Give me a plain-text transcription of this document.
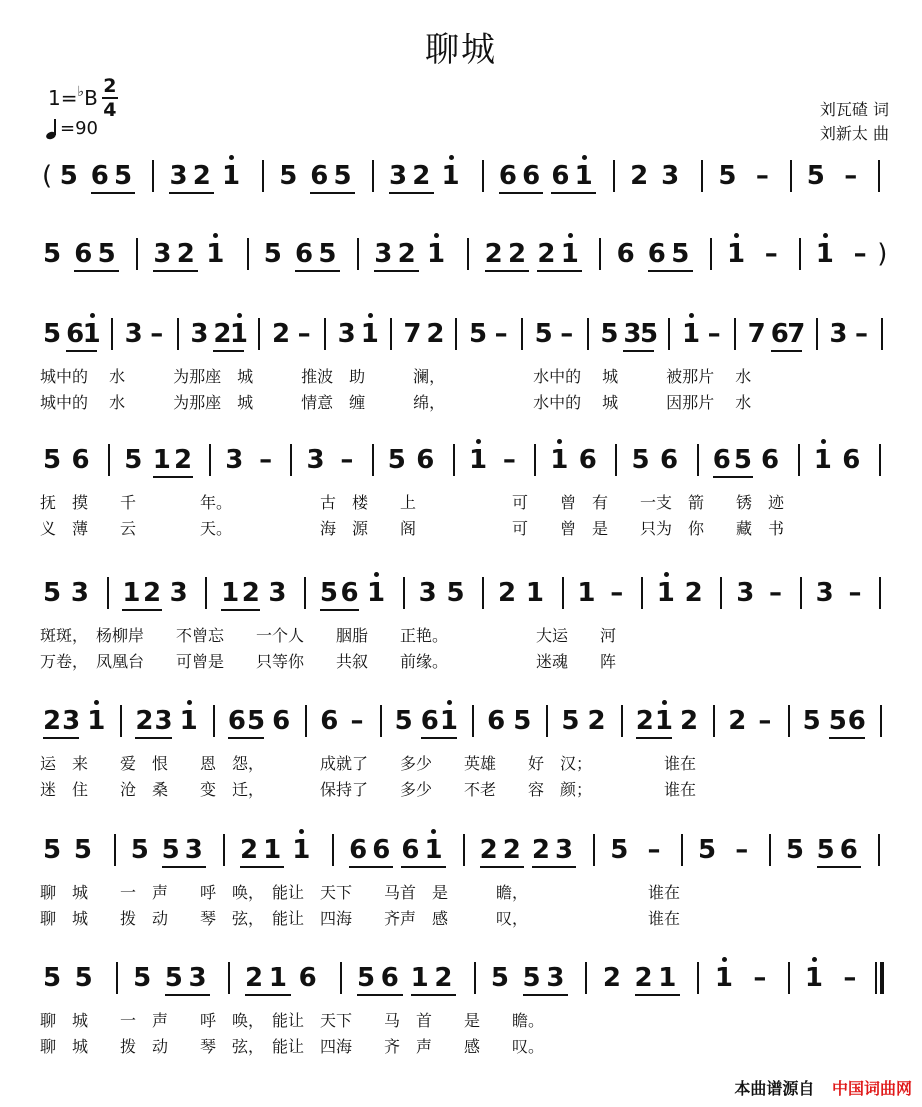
聊城
1= ♭ B $\frac{2}{4}$
=90
刘瓦碴 词
刘新太 曲
( 5 6 5 3 2 1 5 6 5 3 2 1 6 6 6 1 2 3 5 – 5 –
5 6 5 3 2 1 5 6 5 3 2 1 2 2 2 1 6 6 5 1 – 1 – )
5 6
1 3 – 3 2
1 2 – 3 1 7 2 5 – 5 – 5 3
5 1 – 7 6
7 3 –
城中的　 水　　　为那座　城　　　推波　助　　　澜，　　　　　　水中的　 城　　　被那片　 水
城中的　 水　　　为那座　城　　　情意　缠　　　绵，　　　　　　水中的　 城　　　因那片　 水
5 6 5 1 2 3 – 3 – 5 6 1 – 1 6 5 6 6 5 6 1 6
抚　摸　　千　　　　年。　　　　　　古　楼　　上　　　　　　可　　曾　有　　一支　箭　　锈　迹
义　薄　　云　　　　天。　　　　　　海　源　　阁　　　　　　可　　曾　是　　只为　你　　藏　书
5 3 1 2 3 1 2 3 5 6 1 3 5 2 1 1 – 1 2 3 – 3 –
斑斑，　杨柳岸　　不曾忘　　一个人　　胭脂　　正艳。　　　　　　大运　　河
万卷，　凤凰台　　可曾是　　只等你　　共叙　　前缘。　　　　　　迷魂　　阵
2 3 1 2 3 1 6 5 6 6 – 5 6 1 6 5 5 2 2 1 2 2 – 5 5 6
运　来　　爱　恨　　恩　怨，　　　　成就了　　多少　　英雄　　好　汉；　　　　　谁在
迷　住　　沧　桑　　变　迁，　　　　保持了　　多少　　不老　　容　颜；　　　　　谁在
5 5 5 5 3 2 1 1 6 6 6 1 2 2 2 3 5 – 5 – 5 5 6
聊　城　　一　声　　呼　唤，　能让　天下　　马首　是　　　瞻，　　　　　　　　谁在
聊　城　　拨　动　　琴　弦，　能让　四海　　齐声　感　　　叹，　　　　　　　　谁在
5 5 5 5 3 2 1 6 5 6 1 2 5 5 3 2 2 1 1 – 1 –
聊　城　　一　声　　呼　唤，　能让　天下　　马　首　　是　　瞻。
聊　城　　拨　动　　琴　弦，　能让　四海　　齐　声　　感　　叹。
本曲谱源自 中国词曲网
